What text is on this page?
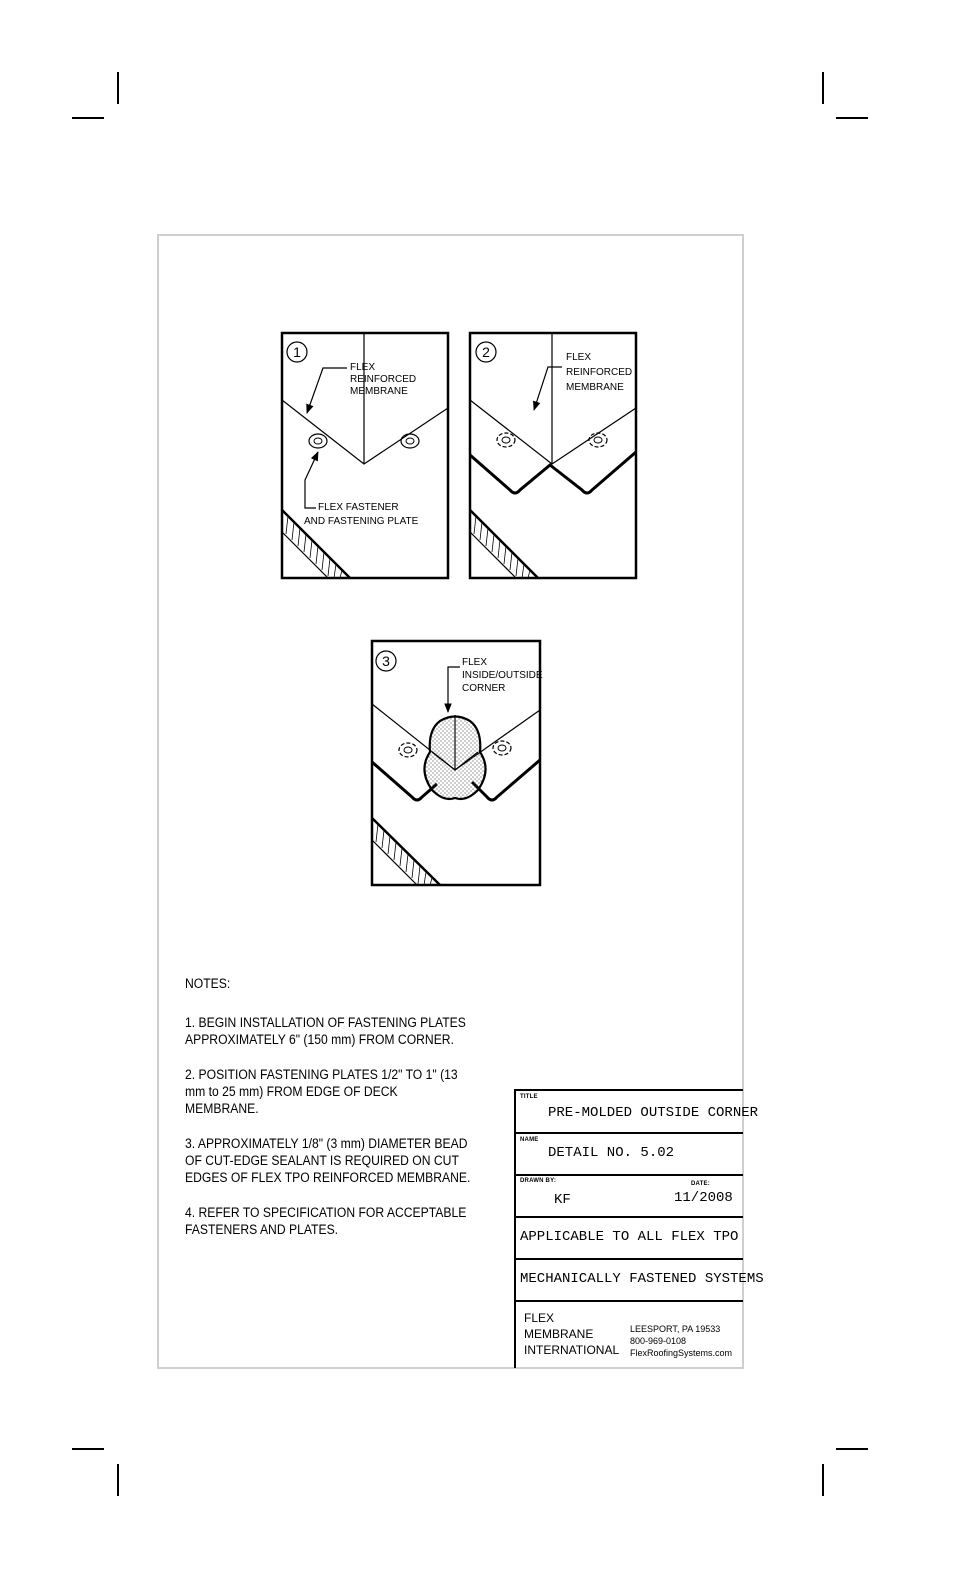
1
FLEX
REINFORCED
MEMBRANE
FLEX FASTENER
AND FASTENING PLATE
2	FLEX
REINFORCED
MEMBRANE
3	FLEX
INSIDE/OUTSIDE
CORNER

NOTES:

1. BEGIN INSTALLATION OF FASTENING PLATES APPROXIMATELY 6" (150 mm) FROM CORNER.

2. POSITION FASTENING PLATES 1/2" TO 1" (13 mm to 25 mm) FROM EDGE OF DECK MEMBRANE.

3. APPROXIMATELY 1/8" (3 mm) DIAMETER BEAD OF CUT-EDGE SEALANT IS REQUIRED ON CUT EDGES OF FLEX TPO REINFORCED MEMBRANE.

4. REFER TO SPECIFICATION FOR ACCEPTABLE FASTENERS AND PLATES.

TITLE
PRE-MOLDED OUTSIDE CORNER
NAME
DETAIL NO. 5.02
DRAWN BY:
KF
DATE:
11/2008
APPLICABLE TO ALL FLEX TPO
MECHANICALLY FASTENED SYSTEMS
FLEX
MEMBRANE
INTERNATIONAL
LEESPORT, PA 19533
800-969-0108
FlexRoofingSystems.com
